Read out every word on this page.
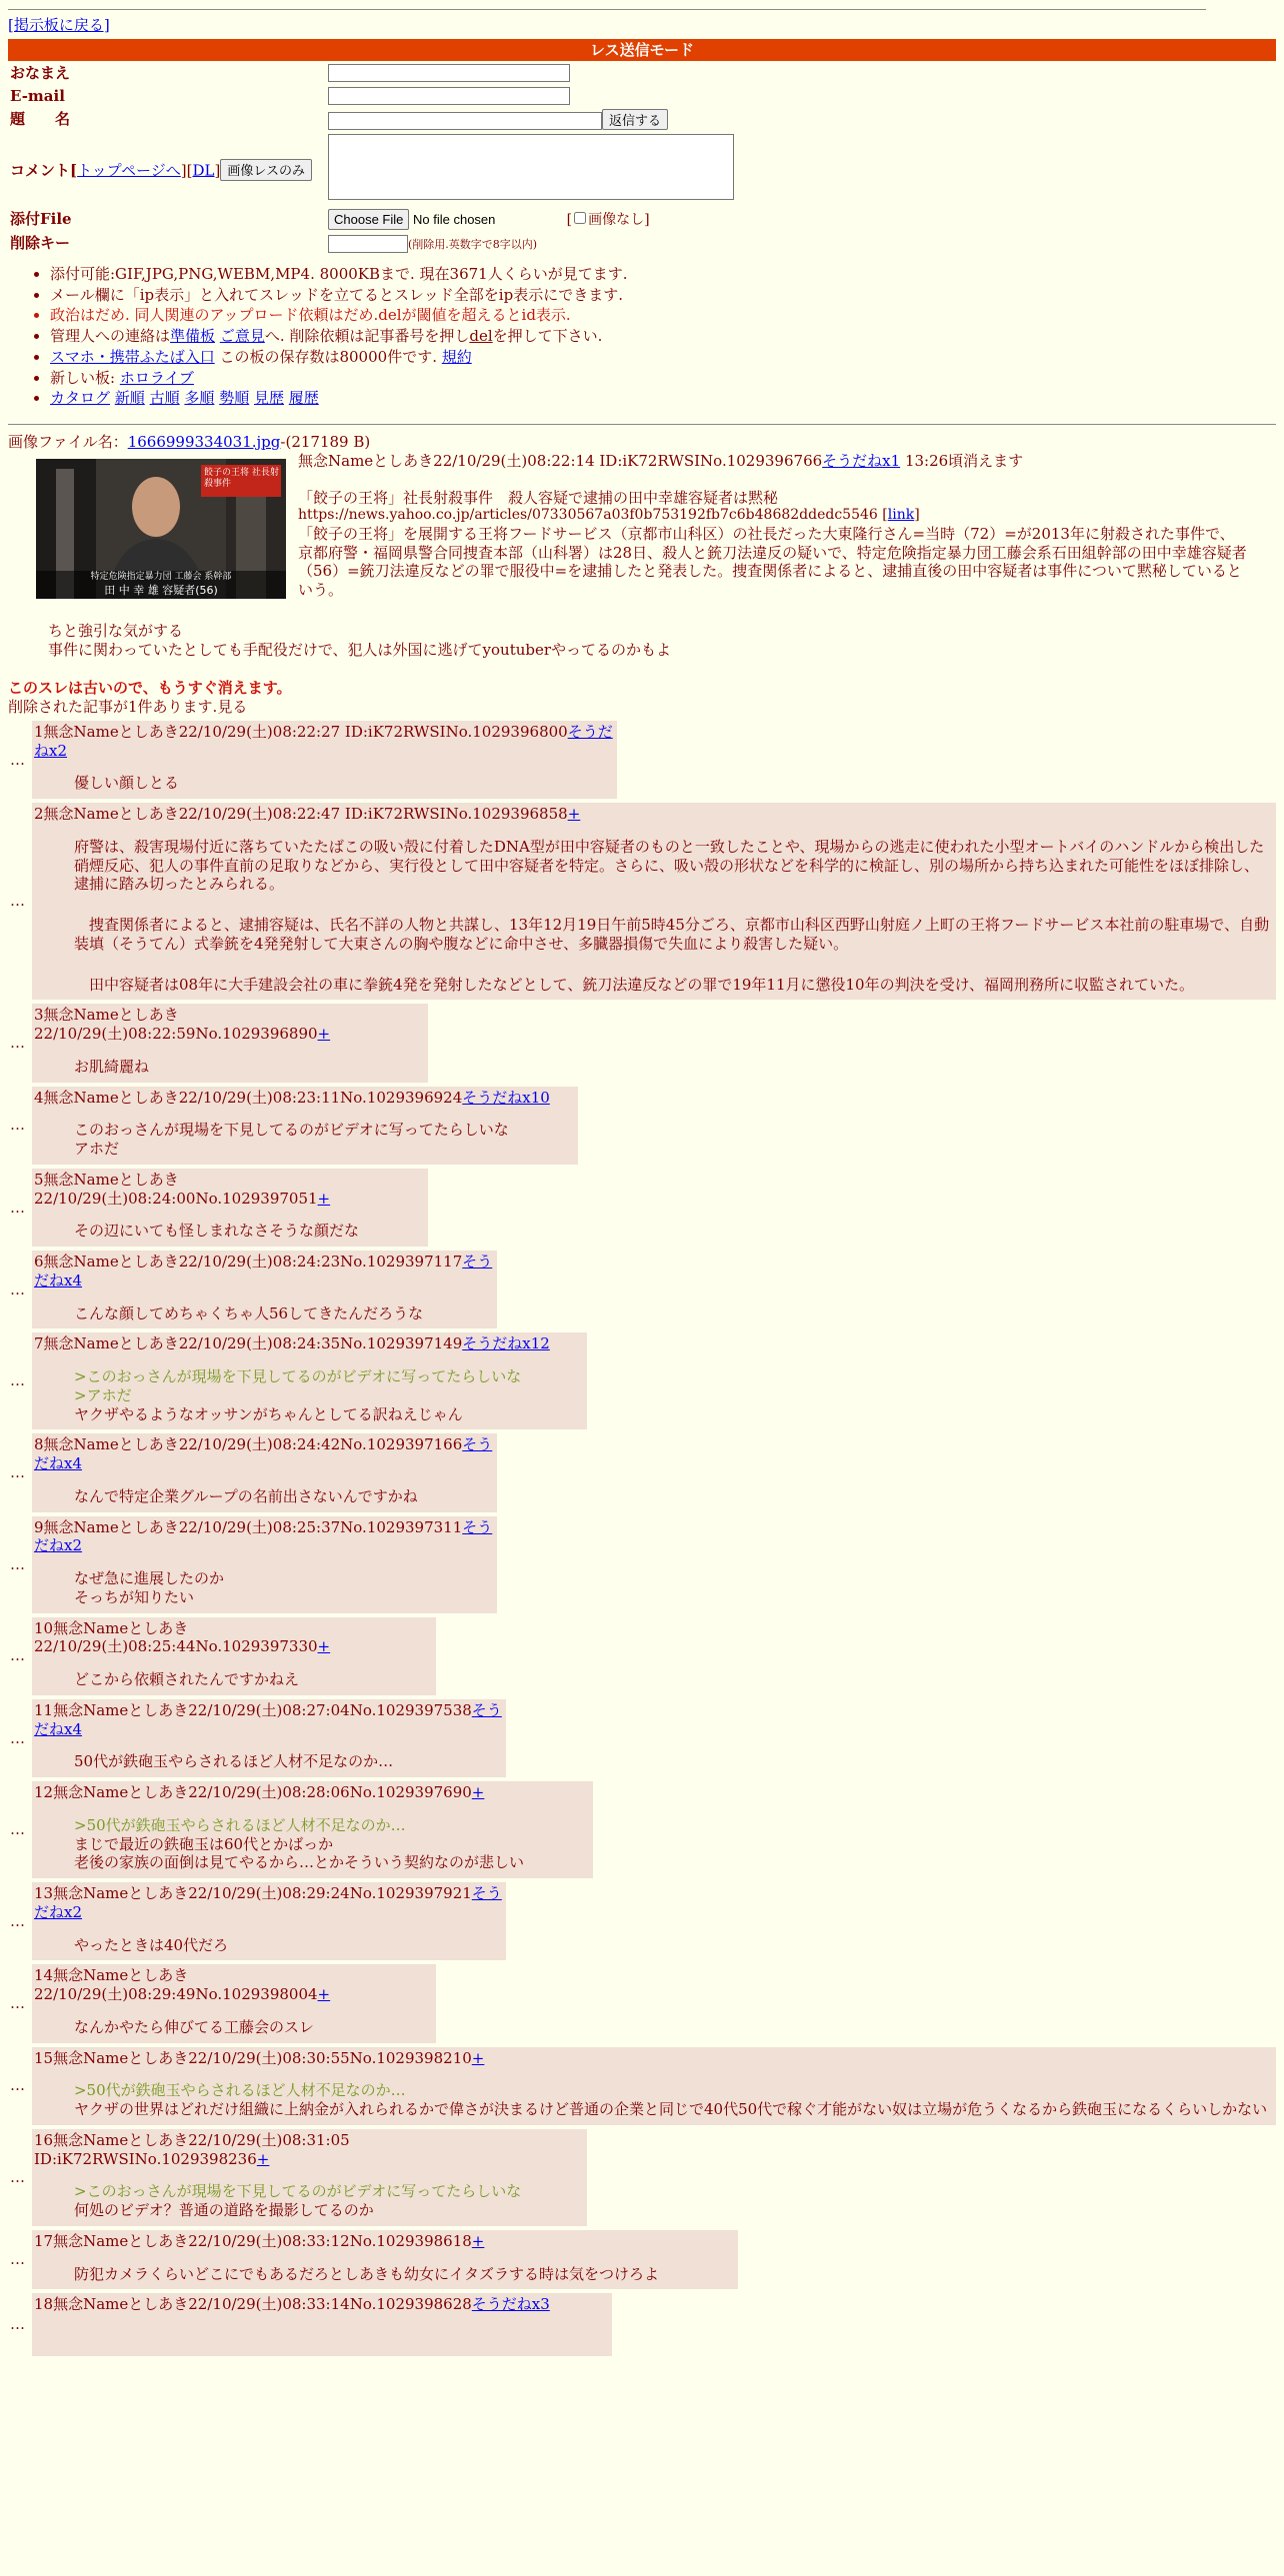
[掲示板に戻る]
レス送信モード
おなまえ	
E-mail	
題　　名	返信する
コメント[トップページへ][DL] 画像レスのみ	
添付File	Choose File No file chosen [ 画像なし]
削除キー	(削除用.英数字で8字以内)
• 添付可能:GIF,JPG,PNG,WEBM,MP4. 8000KBまで. 現在3671人くらいが見てます.
• メール欄に「ip表示」と入れてスレッドを立てるとスレッド全部をip表示にできます.
• 政治はだめ. 同人関連のアップロード依頼はだめ.delが閾値を超えるとid表示.
• 管理人への連絡は準備板 ご意見へ. 削除依頼は記事番号を押しdelを押して下さい.
• スマホ・携帯ふたば入口 この板の保存数は80000件です. 規約
• 新しい板: ホロライブ
• カタログ 新順 古順 多順 勢順 見歴 履歴
画像ファイル名：1666999334031.jpg-(217189 B)
餃子の王将 社長射殺事件
特定危険指定暴力団 工藤会 系幹部
田 中 幸 雄 容疑者(56)
無念Nameとしあき22/10/29(土)08:22:14 ID:iK72RWSINo.1029396766そうだねx1 13:26頃消えます
「餃子の王将」社長射殺事件　殺人容疑で逮捕の田中幸雄容疑者は黙秘
https://news.yahoo.co.jp/articles/07330567a03f0b753192fb7c6b48682ddedc5546 [link]
「餃子の王将」を展開する王将フードサービス（京都市山科区）の社長だった大東隆行さん=当時（72）=が2013年に射殺された事件で、京都府警・福岡県警合同捜査本部（山科署）は28日、殺人と銃刀法違反の疑いで、特定危険指定暴力団工藤会系石田組幹部の田中幸雄容疑者（56）=銃刀法違反などの罪で服役中=を逮捕したと発表した。捜査関係者によると、逮捕直後の田中容疑者は事件について黙秘しているという。
ちと強引な気がする
事件に関わっていたとしても手配役だけで、犯人は外国に逃げてyoutuberやってるのかもよ
このスレは古いので、もうすぐ消えます。
削除された記事が1件あります.見る
…
1無念Nameとしあき22/10/29(土)08:22:27 ID:iK72RWSINo.1029396800そうだねx2
優しい顔しとる
…
2無念Nameとしあき22/10/29(土)08:22:47 ID:iK72RWSINo.1029396858+
府警は、殺害現場付近に落ちていたたばこの吸い殻に付着したDNA型が田中容疑者のものと一致したことや、現場からの逃走に使われた小型オートバイのハンドルから検出した硝煙反応、犯人の事件直前の足取りなどから、実行役として田中容疑者を特定。さらに、吸い殻の形状などを科学的に検証し、別の場所から持ち込まれた可能性をほぼ排除し、逮捕に踏み切ったとみられる。
　捜査関係者によると、逮捕容疑は、氏名不詳の人物と共謀し、13年12月19日午前5時45分ごろ、京都市山科区西野山射庭ノ上町の王将フードサービス本社前の駐車場で、自動装填（そうてん）式拳銃を4発発射して大東さんの胸や腹などに命中させ、多臓器損傷で失血により殺害した疑い。
　田中容疑者は08年に大手建設会社の車に拳銃4発を発射したなどとして、銃刀法違反などの罪で19年11月に懲役10年の判決を受け、福岡刑務所に収監されていた。
…
3無念Nameとしあき22/10/29(土)08:22:59No.1029396890+
お肌綺麗ね
…
4無念Nameとしあき22/10/29(土)08:23:11No.1029396924そうだねx10
このおっさんが現場を下見してるのがビデオに写ってたらしいな
アホだ
…
5無念Nameとしあき22/10/29(土)08:24:00No.1029397051+
その辺にいても怪しまれなさそうな顔だな
…
6無念Nameとしあき22/10/29(土)08:24:23No.1029397117そうだねx4
こんな顔してめちゃくちゃ人56してきたんだろうな
…
7無念Nameとしあき22/10/29(土)08:24:35No.1029397149そうだねx12
>このおっさんが現場を下見してるのがビデオに写ってたらしいな
>アホだ
ヤクザやるようなオッサンがちゃんとしてる訳ねえじゃん
…
8無念Nameとしあき22/10/29(土)08:24:42No.1029397166そうだねx4
なんで特定企業グループの名前出さないんですかね
…
9無念Nameとしあき22/10/29(土)08:25:37No.1029397311そうだねx2
なぜ急に進展したのか
そっちが知りたい
…
10無念Nameとしあき22/10/29(土)08:25:44No.1029397330+
どこから依頼されたんですかねえ
…
11無念Nameとしあき22/10/29(土)08:27:04No.1029397538そうだねx4
50代が鉄砲玉やらされるほど人材不足なのか…
…
12無念Nameとしあき22/10/29(土)08:28:06No.1029397690+
>50代が鉄砲玉やらされるほど人材不足なのか…
まじで最近の鉄砲玉は60代とかばっか
老後の家族の面倒は見てやるから…とかそういう契約なのが悲しい
…
13無念Nameとしあき22/10/29(土)08:29:24No.1029397921そうだねx2
やったときは40代だろ
…
14無念Nameとしあき22/10/29(土)08:29:49No.1029398004+
なんかやたら伸びてる工藤会のスレ
…
15無念Nameとしあき22/10/29(土)08:30:55No.1029398210+
>50代が鉄砲玉やらされるほど人材不足なのか…
ヤクザの世界はどれだけ組織に上納金が入れられるかで偉さが決まるけど普通の企業と同じで40代50代で稼ぐ才能がない奴は立場が危うくなるから鉄砲玉になるくらいしかない
…
16無念Nameとしあき22/10/29(土)08:31:05 ID:iK72RWSINo.1029398236+
>このおっさんが現場を下見してるのがビデオに写ってたらしいな
何処のビデオ？普通の道路を撮影してるのか
…
17無念Nameとしあき22/10/29(土)08:33:12No.1029398618+
防犯カメラくらいどこにでもあるだろとしあきも幼女にイタズラする時は気をつけろよ
…
18無念Nameとしあき22/10/29(土)08:33:14No.1029398628そうだねx3
